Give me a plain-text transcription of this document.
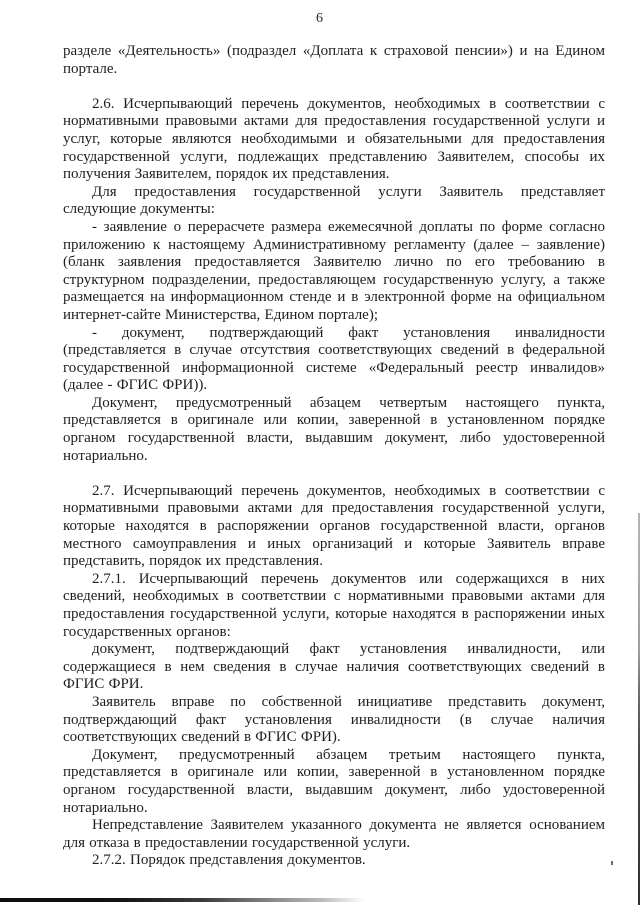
6

разделе «Деятельность» (подраздел «Доплата к страховой пенсии») и на Едином портале.

2.6. Исчерпывающий перечень документов, необходимых в соответствии с нормативными правовыми актами для предоставления государственной услуги и услуг, которые являются необходимыми и обязательными для предоставления государственной услуги, подлежащих представлению Заявителем, способы их получения Заявителем, порядок их представления.

Для предоставления государственной услуги Заявитель представляет следующие документы:

- заявление о перерасчете размера ежемесячной доплаты по форме согласно приложению к настоящему Административному регламенту (далее – заявление) (бланк заявления предоставляется Заявителю лично по его требованию в структурном подразделении, предоставляющем государственную услугу, а также размещается на информационном стенде и в электронной форме на официальном интернет-сайте Министерства, Едином портале);

- документ, подтверждающий факт установления инвалидности (представляется в случае отсутствия соответствующих сведений в федеральной государственной информационной системе «Федеральный реестр инвалидов» (далее - ФГИС ФРИ)).

Документ, предусмотренный абзацем четвертым настоящего пункта, представляется в оригинале или копии, заверенной в установленном порядке органом государственной власти, выдавшим документ, либо удостоверенной нотариально.

2.7. Исчерпывающий перечень документов, необходимых в соответствии с нормативными правовыми актами для предоставления государственной услуги, которые находятся в распоряжении органов государственной власти, органов местного самоуправления и иных организаций и которые Заявитель вправе представить, порядок их представления.

2.7.1. Исчерпывающий перечень документов или содержащихся в них сведений, необходимых в соответствии с нормативными правовыми актами для предоставления государственной услуги, которые находятся в распоряжении иных государственных органов:

документ, подтверждающий факт установления инвалидности, или содержащиеся в нем сведения в случае наличия соответствующих сведений в ФГИС ФРИ.

Заявитель вправе по собственной инициативе представить документ, подтверждающий факт установления инвалидности (в случае наличия соответствующих сведений в ФГИС ФРИ).

Документ, предусмотренный абзацем третьим настоящего пункта, представляется в оригинале или копии, заверенной в установленном порядке органом государственной власти, выдавшим документ, либо удостоверенной нотариально.

Непредставление Заявителем указанного документа не является основанием для отказа в предоставлении государственной услуги.

2.7.2. Порядок представления документов.
